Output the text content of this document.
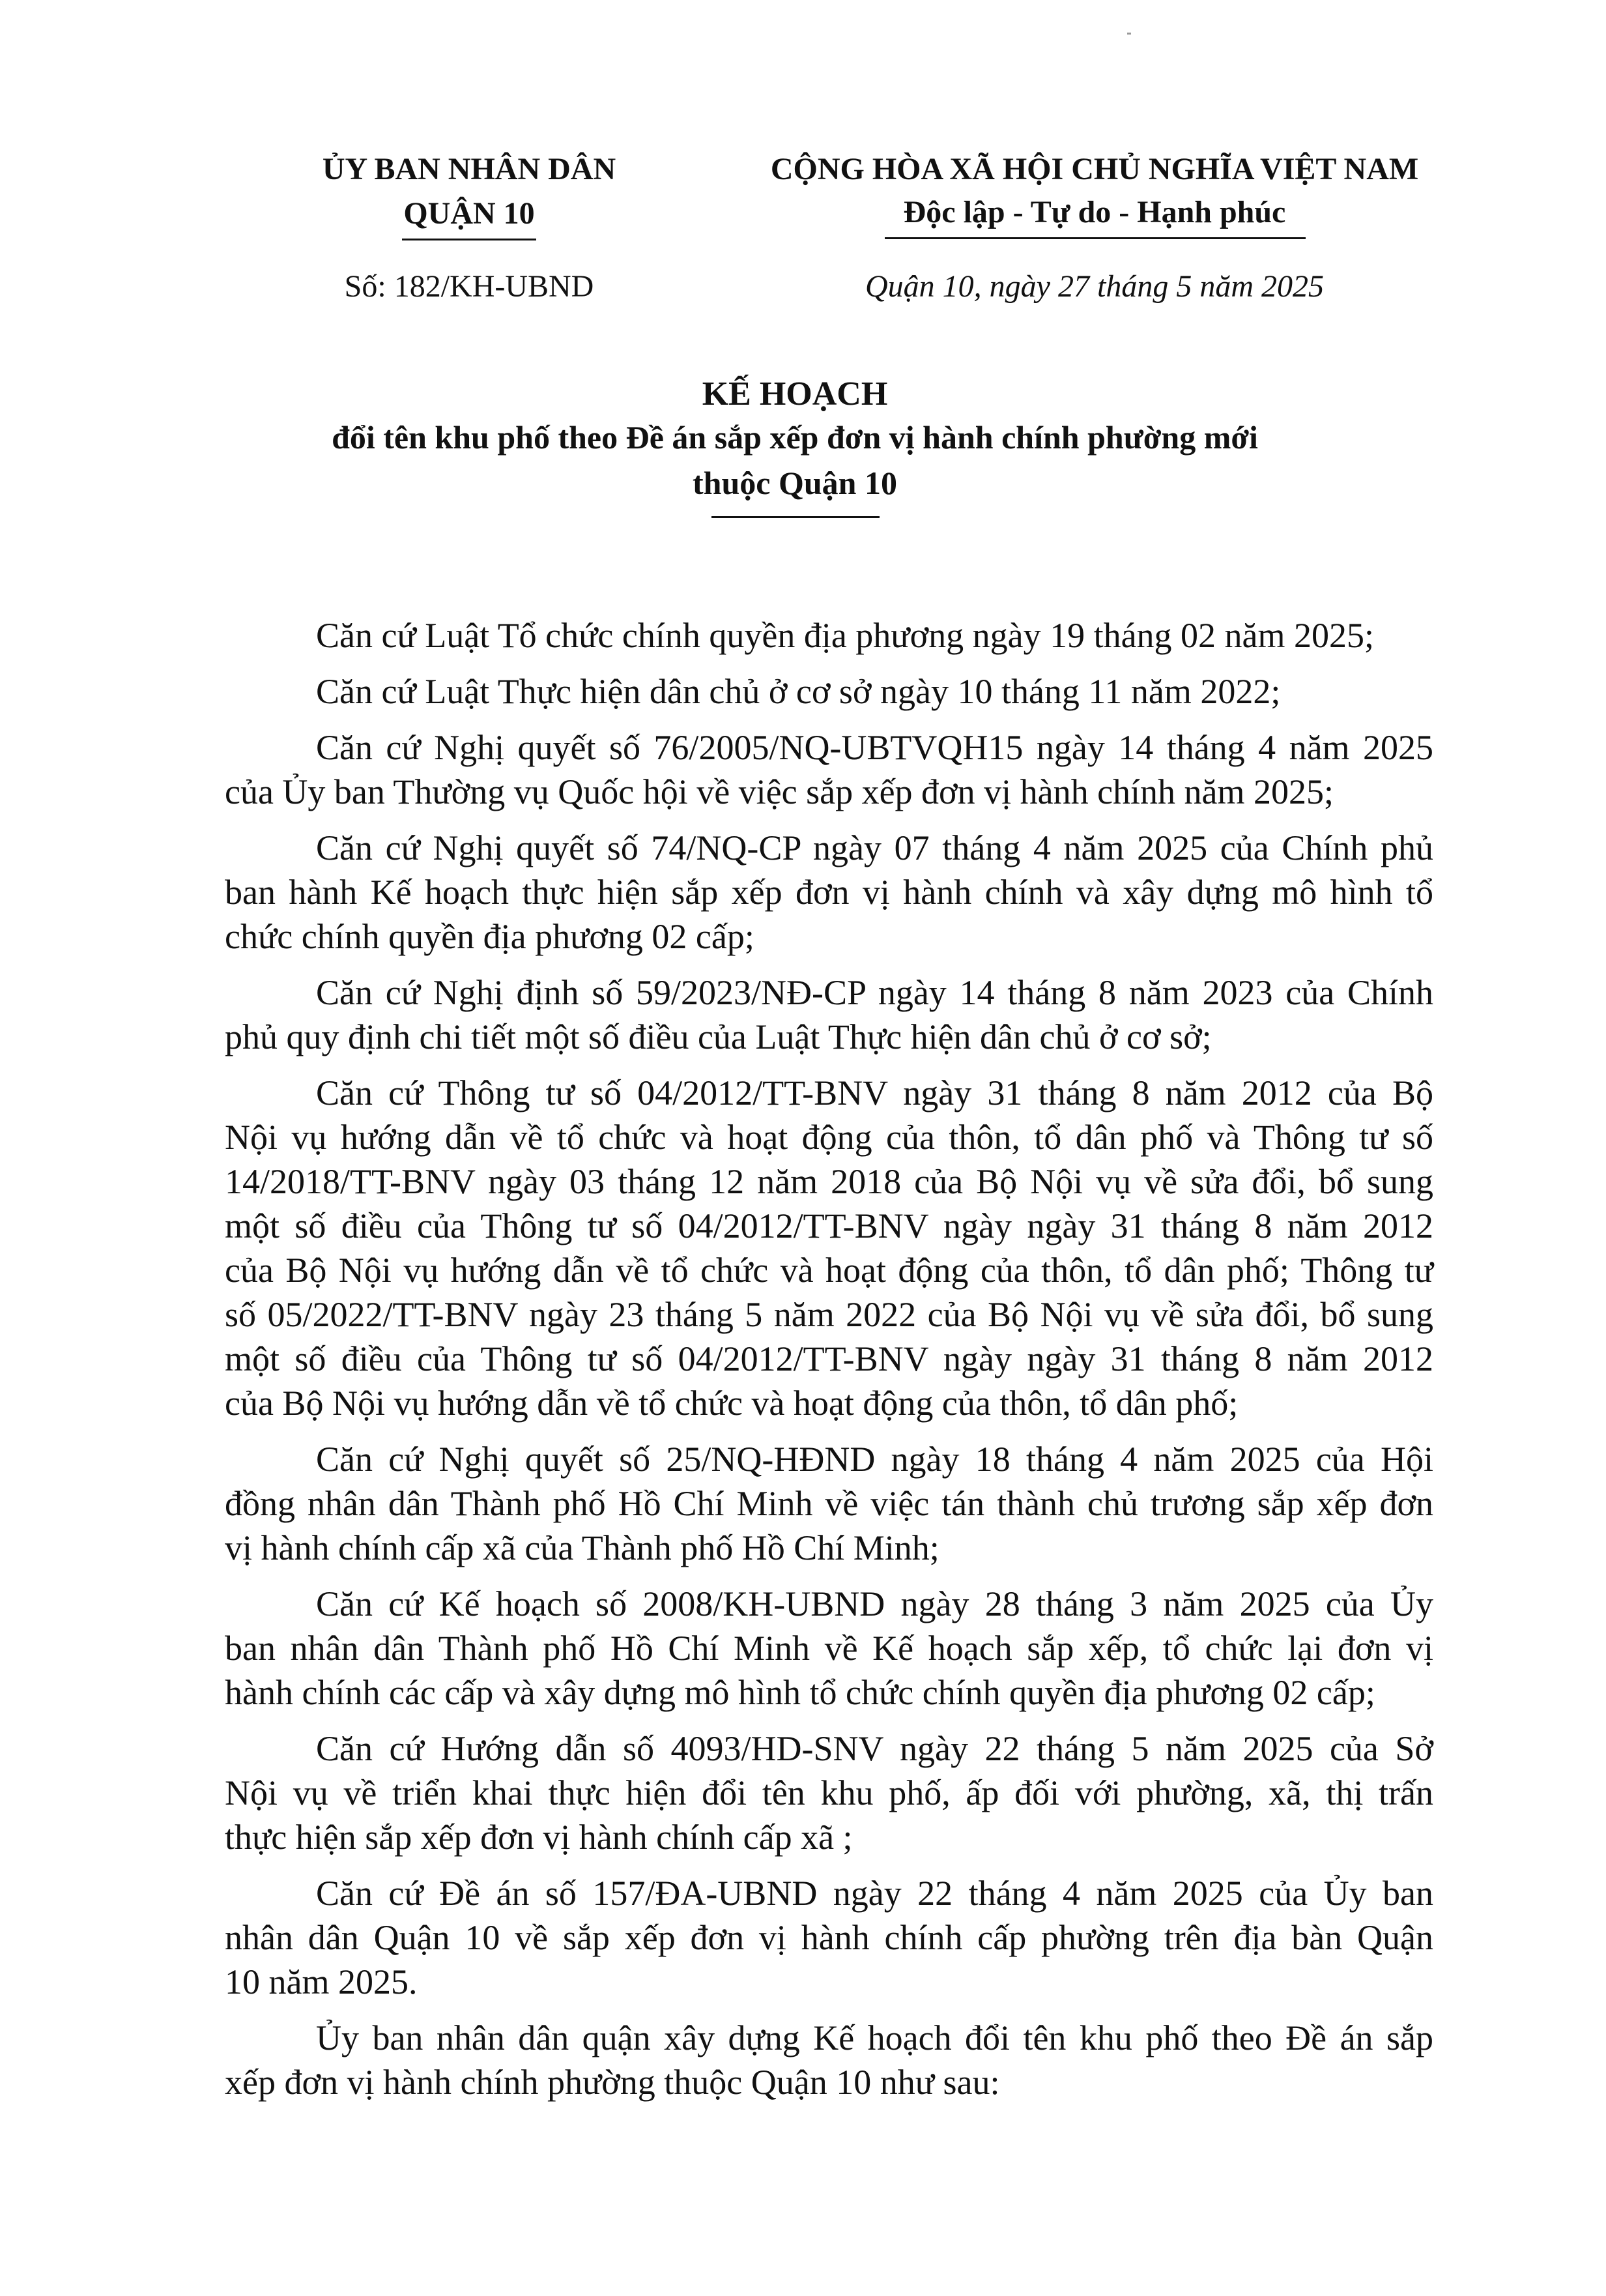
ỦY BAN NHÂN DÂN
QUẬN 10
Số: 182/KH-UBND
CỘNG HÒA XÃ HỘI CHỦ NGHĨA VIỆT NAM
Độc lập - Tự do - Hạnh phúc
Quận 10, ngày 27 tháng 5 năm 2025
KẾ HOẠCH
đổi tên khu phố theo Đề án sắp xếp đơn vị hành chính phường mới
thuộc Quận 10
Căn cứ Luật Tổ chức chính quyền địa phương ngày 19 tháng 02 năm 2025;
Căn cứ Luật Thực hiện dân chủ ở cơ sở ngày 10 tháng 11 năm 2022;
Căn cứ Nghị quyết số 76/2005/NQ-UBTVQH15 ngày 14 tháng 4 năm 2025
của Ủy ban Thường vụ Quốc hội về việc sắp xếp đơn vị hành chính năm 2025;
Căn cứ Nghị quyết số 74/NQ-CP ngày 07 tháng 4 năm 2025 của Chính phủ
ban hành Kế hoạch thực hiện sắp xếp đơn vị hành chính và xây dựng mô hình tổ
chức chính quyền địa phương 02 cấp;
Căn cứ Nghị định số 59/2023/NĐ-CP ngày 14 tháng 8 năm 2023 của Chính
phủ quy định chi tiết một số điều của Luật Thực hiện dân chủ ở cơ sở;
Căn cứ Thông tư số 04/2012/TT-BNV ngày 31 tháng 8 năm 2012 của Bộ
Nội vụ hướng dẫn về tổ chức và hoạt động của thôn, tổ dân phố và Thông tư số
14/2018/TT-BNV ngày 03 tháng 12 năm 2018 của Bộ Nội vụ về sửa đổi, bổ sung
một số điều của Thông tư số 04/2012/TT-BNV ngày ngày 31 tháng 8 năm 2012
của Bộ Nội vụ hướng dẫn về tổ chức và hoạt động của thôn, tổ dân phố; Thông tư
số 05/2022/TT-BNV ngày 23 tháng 5 năm 2022 của Bộ Nội vụ về sửa đổi, bổ sung
một số điều của Thông tư số 04/2012/TT-BNV ngày ngày 31 tháng 8 năm 2012
của Bộ Nội vụ hướng dẫn về tổ chức và hoạt động của thôn, tổ dân phố;
Căn cứ Nghị quyết số 25/NQ-HĐND ngày 18 tháng 4 năm 2025 của Hội
đồng nhân dân Thành phố Hồ Chí Minh về việc tán thành chủ trương sắp xếp đơn
vị hành chính cấp xã của Thành phố Hồ Chí Minh;
Căn cứ Kế hoạch số 2008/KH-UBND ngày 28 tháng 3 năm 2025 của Ủy
ban nhân dân Thành phố Hồ Chí Minh về Kế hoạch sắp xếp, tổ chức lại đơn vị
hành chính các cấp và xây dựng mô hình tổ chức chính quyền địa phương 02 cấp;
Căn cứ Hướng dẫn số 4093/HD-SNV ngày 22 tháng 5 năm 2025 của Sở
Nội vụ về triển khai thực hiện đổi tên khu phố, ấp đối với phường, xã, thị trấn
thực hiện sắp xếp đơn vị hành chính cấp xã ;
Căn cứ Đề án số 157/ĐA-UBND ngày 22 tháng 4 năm 2025 của Ủy ban
nhân dân Quận 10 về sắp xếp đơn vị hành chính cấp phường trên địa bàn Quận
10 năm 2025.
Ủy ban nhân dân quận xây dựng Kế hoạch đổi tên khu phố theo Đề án sắp
xếp đơn vị hành chính phường thuộc Quận 10 như sau:
